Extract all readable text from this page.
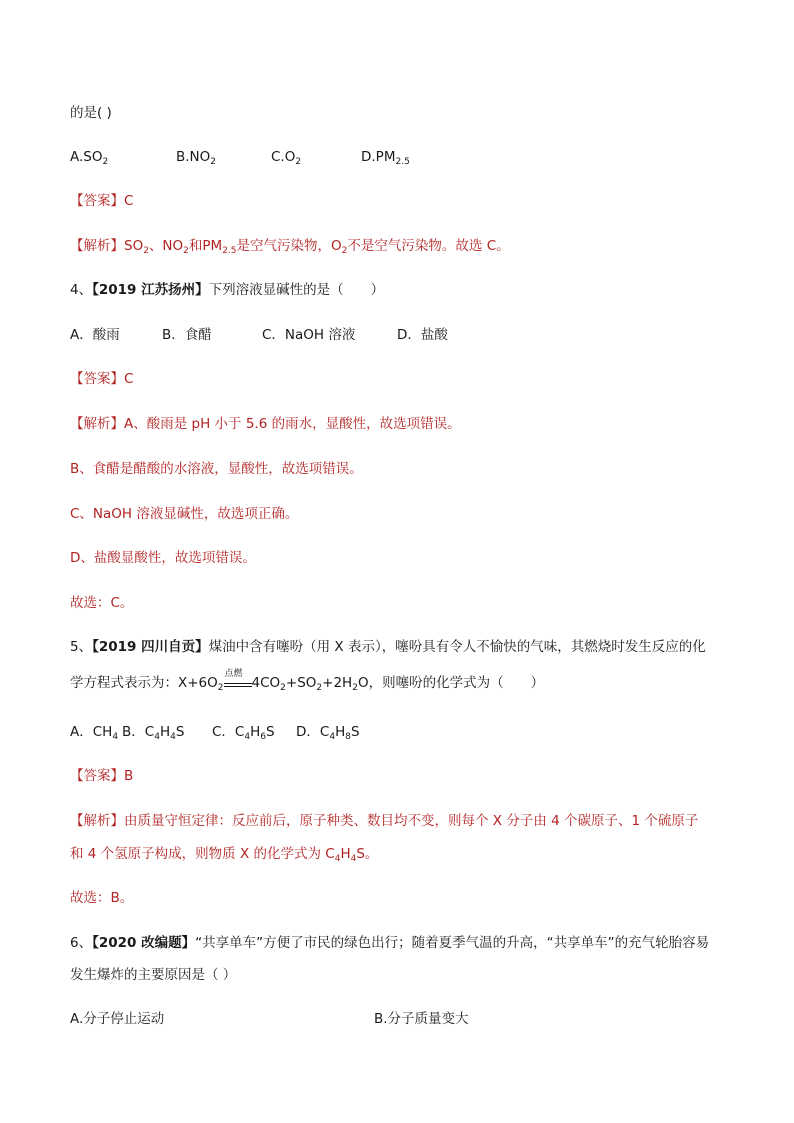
的是( )
$A.SO_2$	$B.NO_2$	$C.O_2$	$D.PM_{2.5}$
【答案】C
【解析】$SO_2$、$NO_2$和$PM_{2.5}$是空气污染物，$O_2$不是空气污染物。故选 C。
4、【2019 江苏扬州】下列溶液显碱性的是（　　）
A．酸雨	B．食醋	C．NaOH 溶液	D．盐酸
【答案】C
【解析】A、酸雨是 pH 小于 5.6 的雨水，显酸性，故选项错误。
B、食醋是醋酸的水溶液，显酸性，故选项错误。
C、NaOH 溶液显碱性，故选项正确。
D、盐酸显酸性，故选项错误。
故选：C。
5、【2019 四川自贡】煤油中含有噻吩（用 X 表示），噻吩具有令人不愉快的气味，其燃烧时发生反应的化
学方程式表示为：$X+6O_2$
点燃
$4CO_2+SO_2+2H_2O$，则噻吩的化学式为（　　）
A．$CH_4B$．$C_4H_4S$ C．$C_4H_6S$ D．$C_4H_8S$
【答案】B
【解析】由质量守恒定律：反应前后，原子种类、数目均不变，则每个 X 分子由 4 个碳原子、1 个硫原子
和 4 个氢原子构成，则物质 X 的化学式为 $C_4H_4S$。
故选：B。
6、【2020 改编题】“共享单车”方便了市民的绿色出行；随着夏季气温的升高，“共享单车”的充气轮胎容易
发生爆炸的主要原因是（ ）
A.分子停止运动	B.分子质量变大
